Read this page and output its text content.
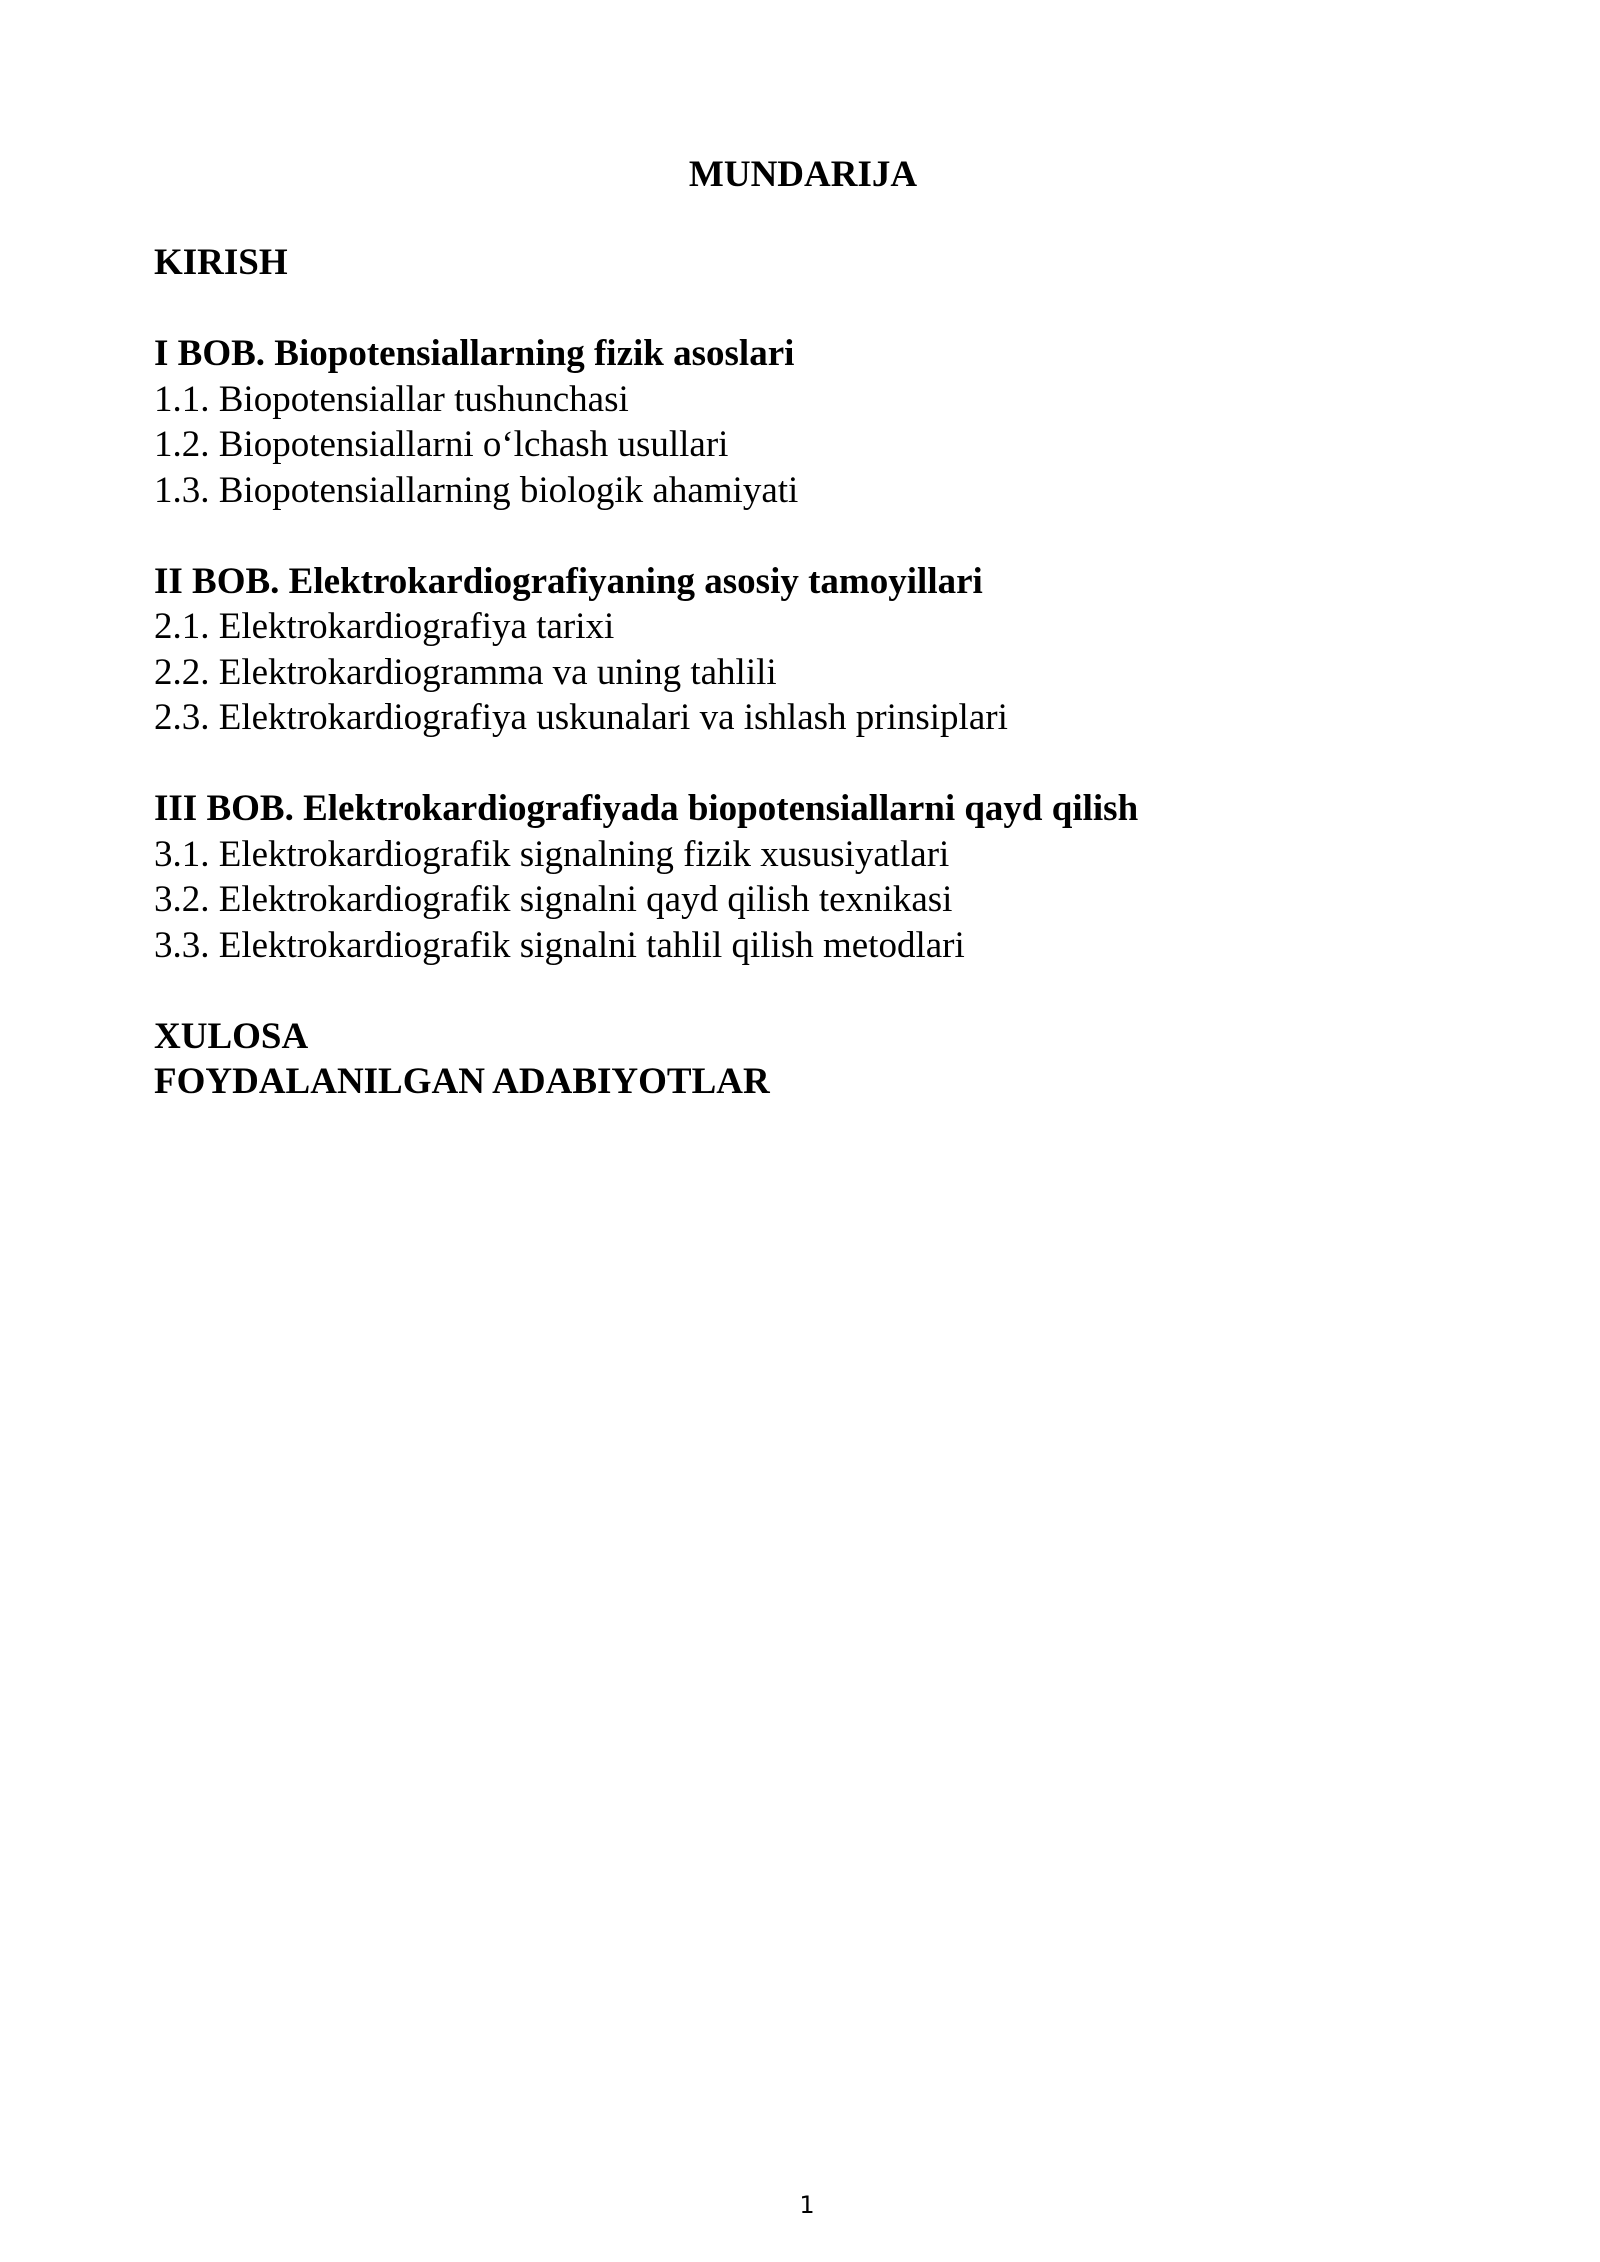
MUNDARIJA
KIRISH
I BOB. Biopotensiallarning fizik asoslari
1.1. Biopotensiallar tushunchasi
1.2. Biopotensiallarni o‘lchash usullari
1.3. Biopotensiallarning biologik ahamiyati
II BOB. Elektrokardiografiyaning asosiy tamoyillari
2.1. Elektrokardiografiya tarixi
2.2. Elektrokardiogramma va uning tahlili
2.3. Elektrokardiografiya uskunalari va ishlash prinsiplari
III BOB. Elektrokardiografiyada biopotensiallarni qayd qilish
3.1. Elektrokardiografik signalning fizik xususiyatlari
3.2. Elektrokardiografik signalni qayd qilish texnikasi
3.3. Elektrokardiografik signalni tahlil qilish metodlari
XULOSA
FOYDALANILGAN ADABIYOTLAR
1
